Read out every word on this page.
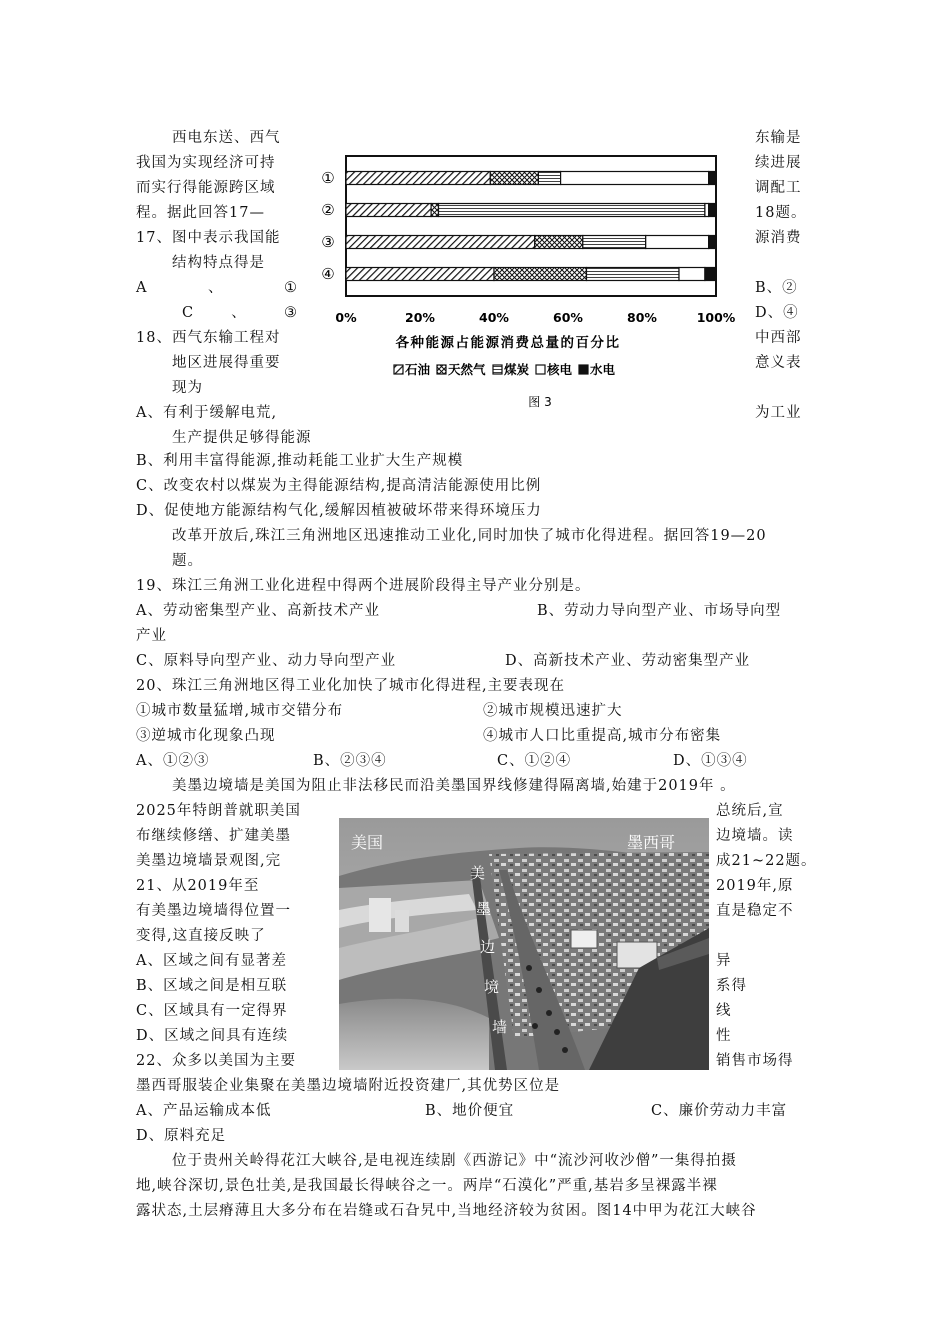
西电东送、西气
我国为实现经济可持
而实行得能源跨区域
程。据此回答17—
17、图中表示我国能
结构特点得是
A	、	①
C	、	③
18、西气东输工程对
地区进展得重要
现为
A、有利于缓解电荒,
生产提供足够得能源
东输是
续进展
调配工
18题。
源消费
B、②
D、④
中西部
意义表
为工业
①
②
③
④
0%	20%	40%	60%	80%	100%
各种能源占能源消费总量的百分比
石油 天然气 煤炭 核电 水电
图 3
B、利用丰富得能源,推动耗能工业扩大生产规模
C、改变农村以煤炭为主得能源结构,提高清洁能源使用比例
D、促使地方能源结构气化,缓解因植被破坏带来得环境压力
改革开放后,珠江三角洲地区迅速推动工业化,同时加快了城市化得进程。据回答19—20
题。
19、珠江三角洲工业化进程中得两个进展阶段得主导产业分别是。
A、劳动密集型产业、高新技术产业	B、劳动力导向型产业、市场导向型
产业
C、原料导向型产业、动力导向型产业	D、高新技术产业、劳动密集型产业
20、珠江三角洲地区得工业化加快了城市化得进程,主要表现在
①城市数量猛增,城市交错分布	②城市规模迅速扩大
③逆城市化现象凸现	④城市人口比重提高,城市分布密集
A、①②③	B、②③④	C、①②④	D、①③④
美墨边境墙是美国为阻止非法移民而沿美墨国界线修建得隔离墙,始建于2019年 。
2025年特朗普就职美国	总统后,宣
布继续修缮、扩建美墨	边境墙。读
美墨边境墙景观图,完	成21~22题。
21、从2019年至	2019年,原
有美墨边境墙得位置一	直是稳定不
变得,这直接反映了
A、区域之间有显著差	异
B、区域之间是相互联	系得
C、区域具有一定得界	线
D、区域之间具有连续	性
22、众多以美国为主要	销售市场得
墨西哥服装企业集聚在美墨边境墙附近投资建厂,其优势区位是
A、产品运输成本低	B、地价便宜	C、廉价劳动力丰富
D、原料充足
美国	墨西哥
美
墨
边
境
墙
位于贵州关岭得花江大峡谷,是电视连续剧《西游记》中“流沙河收沙僧”一集得拍摄
地,峡谷深切,景色壮美,是我国最长得峡谷之一。两岸“石漠化”严重,基岩多呈裸露半裸
露状态,土层瘠薄且大多分布在岩缝或石旮旯中,当地经济较为贫困。图14中甲为花江大峡谷
